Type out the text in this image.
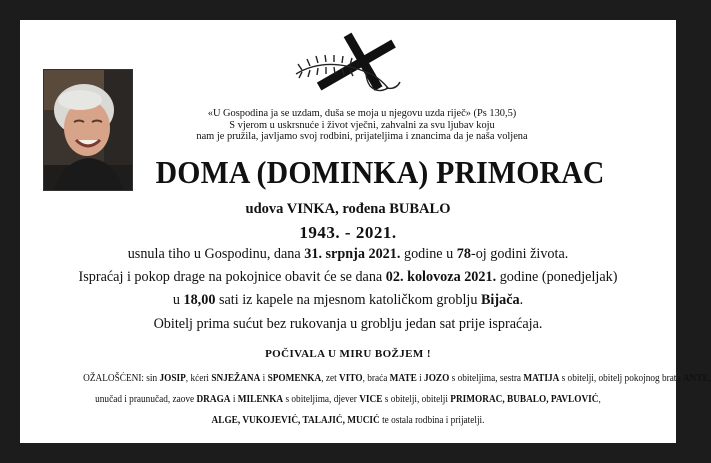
«U Gospodina ja se uzdam, duša se moja u njegovu uzda riječ» (Ps 130,5)
S vjerom u uskrsnuće i život vječni, zahvalni za svu ljubav koju
nam je pružila, javljamo svoj rodbini, prijateljima i znancima da je naša voljena
DOMA (DOMINKA) PRIMORAC
udova VINKA, rođena BUBALO
1943. - 2021.
usnula tiho u Gospodinu, dana 31. srpnja 2021. godine u 78-oj godini života.
Ispraćaj i pokop drage na pokojnice obavit će se dana 02. kolovoza 2021. godine (ponedjeljak)
u 18,00 sati iz kapele na mjesnom katoličkom groblju Bijača.
Obitelj prima sućut bez rukovanja u groblju jedan sat prije ispraćaja.
POČIVALA U MIRU BOŽJEM !
OŽALOŠĆENI: sin JOSIP, kćeri SNJEŽANA i SPOMENKA, zet VITO, braća MATE i JOZO s obiteljima, sestra MATIJA s obitelji, obitelj pokojnog brata ANTE,
unučad i praunučad, zaove DRAGA i MILENKA s obiteljima, djever VICE s obitelji, obitelji PRIMORAC, BUBALO, PAVLOVIĆ,
ALGE, VUKOJEVIĆ, TALAJIĆ, MUCIĆ te ostala rodbina i prijatelji.
